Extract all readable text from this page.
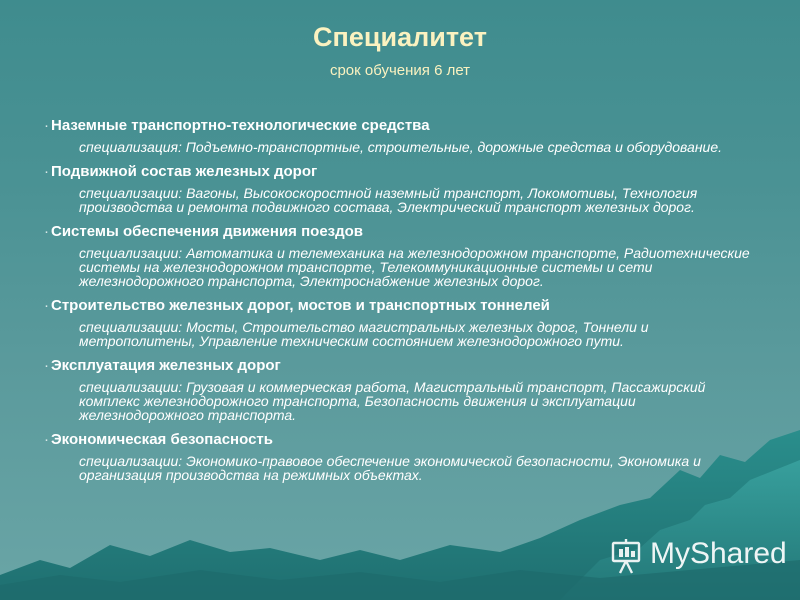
Специалитет
срок обучения 6 лет
· Наземные транспортно-технологические средства
специализация: Подъемно-транспортные, строительные, дорожные средства и оборудование.
· Подвижной состав железных дорог
специализации: Вагоны, Высокоскоростной наземный транспорт, Локомотивы, Технология производства и ремонта подвижного состава, Электрический транспорт железных дорог.
· Системы обеспечения движения поездов
специализации: Автоматика и телемеханика на железнодорожном транспорте, Радиотехнические системы на железнодорожном транспорте, Телекоммуникационные системы и сети железнодорожного транспорта, Электроснабжение железных дорог.
· Строительство железных дорог, мостов и транспортных тоннелей
специализации: Мосты, Строительство магистральных железных дорог, Тоннели и метрополитены, Управление техническим состоянием железнодорожного пути.
· Эксплуатация железных дорог
специализации: Грузовая и коммерческая работа, Магистральный транспорт, Пассажирский комплекс железнодорожного транспорта, Безопасность движения и эксплуатации железнодорожного транспорта.
· Экономическая безопасность
специализации: Экономико-правовое обеспечение экономической безопасности, Экономика и организация производства на режимных объектах.
MyShared
